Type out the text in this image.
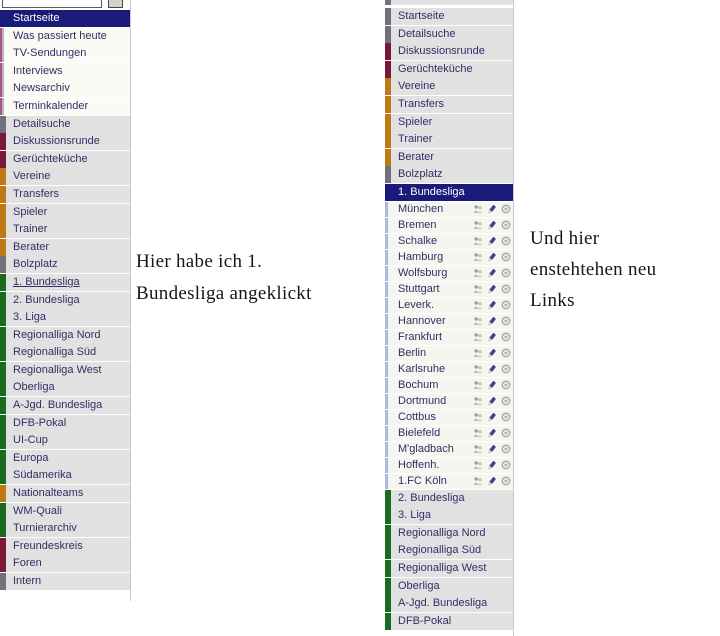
Startseite
Was passiert heute
TV-Sendungen
Interviews
Newsarchiv
Terminkalender
Detailsuche
Diskussionsrunde
Gerüchteküche
Vereine
Transfers
Spieler
Trainer
Berater
Bolzplatz
1. Bundesliga
2. Bundesliga
3. Liga
Regionalliga Nord
Regionalliga Süd
Regionalliga West
Oberliga
A-Jgd. Bundesliga
DFB-Pokal
UI-Cup
Europa
Südamerika
Nationalteams
WM-Quali
Turnierarchiv
Freundeskreis
Foren
Intern
Hier habe ich 1.
Bundesliga angeklickt
Startseite
Detailsuche
Diskussionsrunde
Gerüchteküche
Vereine
Transfers
Spieler
Trainer
Berater
Bolzplatz
1. Bundesliga
München
Bremen
Schalke
Hamburg
Wolfsburg
Stuttgart
Leverk.
Hannover
Frankfurt
Berlin
Karlsruhe
Bochum
Dortmund
Cottbus
Bielefeld
M'gladbach
Hoffenh.
1.FC Köln
2. Bundesliga
3. Liga
Regionalliga Nord
Regionalliga Süd
Regionalliga West
Oberliga
A-Jgd. Bundesliga
DFB-Pokal
Und hier
enstehtehen neu
Links
